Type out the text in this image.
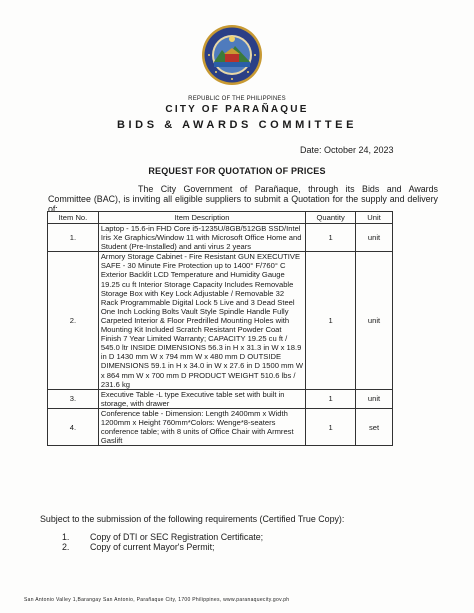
REPUBLIC OF THE PHILIPPINES
CITY OF PARAÑAQUE
BIDS & AWARDS COMMITTEE
Date: October 24, 2023
REQUEST FOR QUOTATION OF PRICES
The City Government of Parañaque, through its Bids and Awards Committee (BAC), is inviting all eligible suppliers to submit a Quotation for the supply and delivery of:
Item No.	Item Description	Quantity	Unit
1.	Laptop - 15.6-in FHD Core i5-1235U/8GB/512GB SSD/Intel Iris Xe Graphics/Window 11 with Microsoft Office Home and Student (Pre-Installed) and anti virus 2 years	1	unit
2.	Armory Storage Cabinet - Fire Resistant GUN EXECUTIVE SAFE - 30 Minute Fire Protection up to 1400° F/760° C Exterior Backlit LCD Temperature and Humidity Gauge 19.25 cu ft Interior Storage Capacity Includes Removable Storage Box with Key Lock Adjustable / Removable 32 Rack Programmable Digital Lock 5 Live and 3 Dead Steel One Inch Locking Bolts Vault Style Spindle Handle Fully Carpeted Interior & Floor Predrilled Mounting Holes with Mounting Kit Included Scratch Resistant Powder Coat Finish 7 Year Limited Warranty; CAPACITY 19.25 cu ft / 545.0 ltr INSIDE DIMENSIONS 56.3 in H x 31.3 in W x 18.9 in D 1430 mm W x 794 mm W x 480 mm D OUTSIDE DIMENSIONS 59.1 in H x 34.0 in W x 27.6 in D 1500 mm W x 864 mm W x 700 mm D PRODUCT WEIGHT 510.6 lbs / 231.6 kg	1	unit
3.	Executive Table -L type Executive table set with built in storage, with drawer	1	unit
4.	Conference table - Dimension: Length 2400mm x Width 1200mm x Height 760mm*Colors: Wenge*8-seaters conference table; with 8 units of Office Chair with Armrest Gaslift	1	set
Subject to the submission of the following requirements (Certified True Copy):
1. Copy of DTI or SEC Registration Certificate;
2. Copy of current Mayor's Permit;
San Antonio Valley 1,Barangay San Antonio, Parañaque City, 1700 Philippines, www.paranaquecity.gov.ph
